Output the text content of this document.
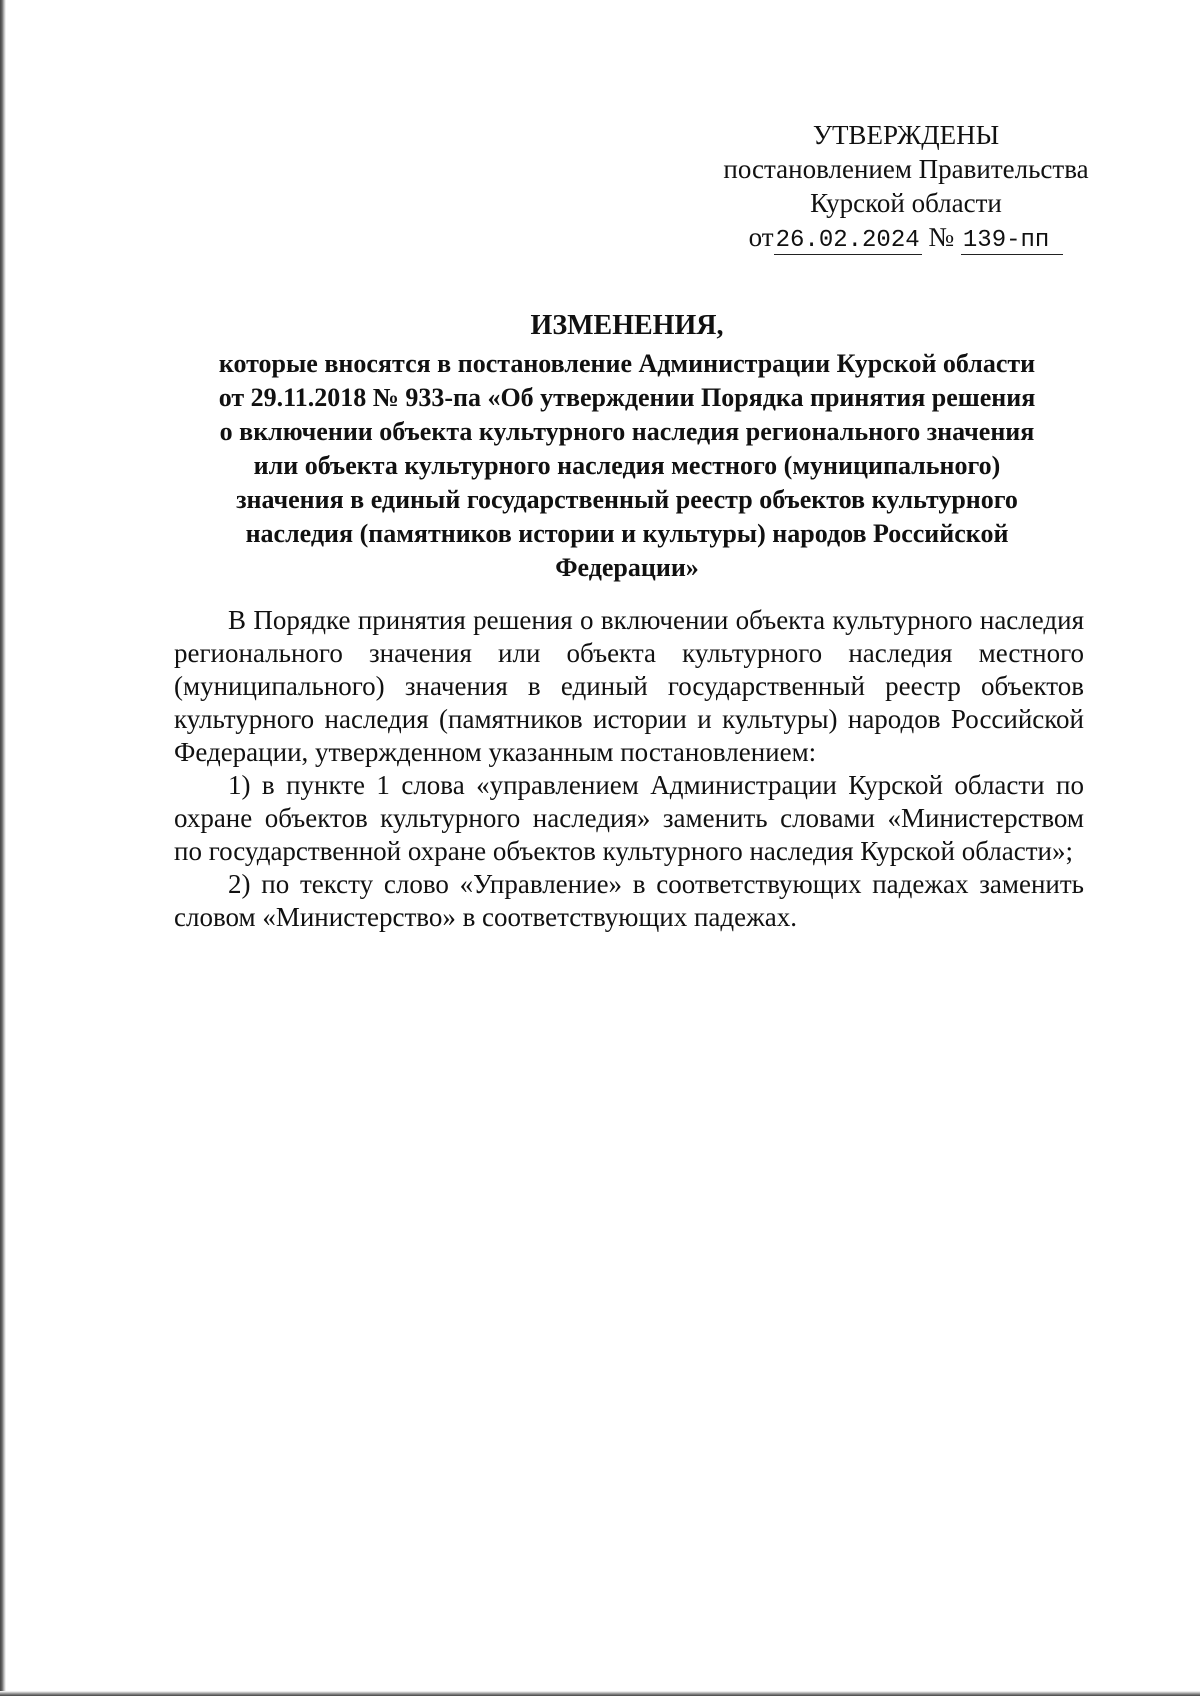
УТВЕРЖДЕНЫ
постановлением Правительства
Курской области
от26.02.2024 № 139-пп
ИЗМЕНЕНИЯ,
которые вносятся в постановление Администрации Курской области
от 29.11.2018 № 933-па «Об утверждении Порядка принятия решения
о включении объекта культурного наследия регионального значения
или объекта культурного наследия местного (муниципального)
значения в единый государственный реестр объектов культурного
наследия (памятников истории и культуры) народов Российской
Федерации»

В Порядке принятия решения о включении объекта культурного наследия регионального значения или объекта культурного наследия местного (муниципального) значения в единый государственный реестр объектов культурного наследия (памятников истории и культуры) народов Российской Федерации, утвержденном указанным постановлением:

1) в пункте 1 слова «управлением Администрации Курской области по охране объектов культурного наследия» заменить словами «Министерством по государственной охране объектов культурного наследия Курской области»;

2) по тексту слово «Управление» в соответствующих падежах заменить словом «Министерство» в соответствующих падежах.
